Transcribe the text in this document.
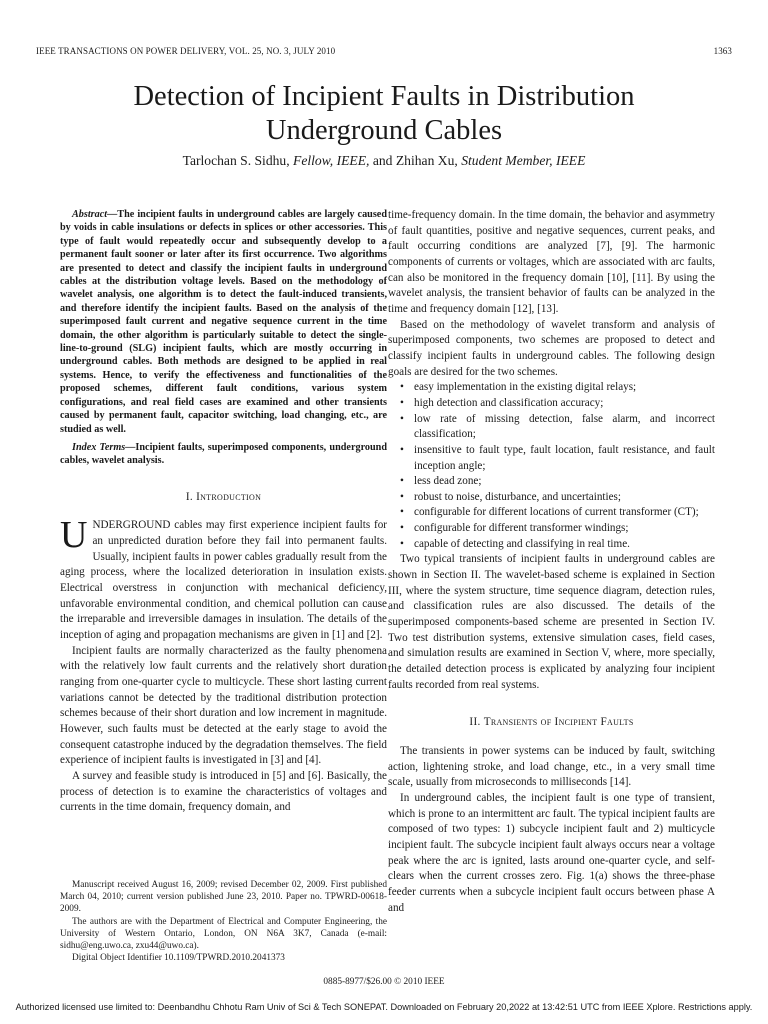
IEEE TRANSACTIONS ON POWER DELIVERY, VOL. 25, NO. 3, JULY 2010	1363
Detection of Incipient Faults in Distribution
Underground Cables
Tarlochan S. Sidhu, Fellow, IEEE, and Zhihan Xu, Student Member, IEEE

Abstract—The incipient faults in underground cables are largely caused by voids in cable insulations or defects in splices or other accessories. This type of fault would repeatedly occur and subsequently develop to a permanent fault sooner or later after its first occurrence. Two algorithms are presented to detect and classify the incipient faults in underground cables at the distribution voltage levels. Based on the methodology of wavelet analysis, one algorithm is to detect the fault-induced transients, and therefore identify the incipient faults. Based on the analysis of the superimposed fault current and negative sequence current in the time domain, the other algorithm is particularly suitable to detect the single-line-to-ground (SLG) incipient faults, which are mostly occurring in underground cables. Both methods are designed to be applied in real systems. Hence, to verify the effectiveness and functionalities of the proposed schemes, different fault conditions, various system configurations, and real field cases are examined and other transients caused by permanent fault, capacitor switching, load changing, etc., are studied as well.

Index Terms—Incipient faults, superimposed components, underground cables, wavelet analysis.

I. Introduction

UNDERGROUND cables may first experience incipient faults for an unpredicted duration before they fail into permanent faults. Usually, incipient faults in power cables gradually result from the aging process, where the localized deterioration in insulation exists. Electrical overstress in conjunction with mechanical deficiency, unfavorable environmental condition, and chemical pollution can cause the irreparable and irreversible damages in insulation. The details of the inception of aging and propagation mechanisms are given in [1] and [2].

Incipient faults are normally characterized as the faulty phenomena with the relatively low fault currents and the relatively short duration ranging from one-quarter cycle to multicycle. These short lasting current variations cannot be detected by the traditional distribution protection schemes because of their short duration and low increment in magnitude. However, such faults must be detected at the early stage to avoid the consequent catastrophe induced by the degradation themselves. The field experience of incipient faults is investigated in [3] and [4].

A survey and feasible study is introduced in [5] and [6]. Basically, the process of detection is to examine the characteristics of voltages and currents in the time domain, frequency domain, and

Manuscript received August 16, 2009; revised December 02, 2009. First published March 04, 2010; current version published June 23, 2010. Paper no. TPWRD-00618-2009.

The authors are with the Department of Electrical and Computer Engineering, the University of Western Ontario, London, ON N6A 3K7, Canada (e-mail: sidhu@eng.uwo.ca, zxu44@uwo.ca).

Digital Object Identifier 10.1109/TPWRD.2010.2041373

time-frequency domain. In the time domain, the behavior and asymmetry of fault quantities, positive and negative sequences, current peaks, and fault occurring conditions are analyzed [7], [9]. The harmonic components of currents or voltages, which are associated with arc faults, can also be monitored in the frequency domain [10], [11]. By using the wavelet analysis, the transient behavior of faults can be analyzed in the time and frequency domain [12], [13].

Based on the methodology of wavelet transform and analysis of superimposed components, two schemes are proposed to detect and classify incipient faults in underground cables. The following design goals are desired for the two schemes.

• easy implementation in the existing digital relays;
• high detection and classification accuracy;
• low rate of missing detection, false alarm, and incorrect classification;
• insensitive to fault type, fault location, fault resistance, and fault inception angle;
• less dead zone;
• robust to noise, disturbance, and uncertainties;
• configurable for different locations of current transformer (CT);
• configurable for different transformer windings;
• capable of detecting and classifying in real time.

Two typical transients of incipient faults in underground cables are shown in Section II. The wavelet-based scheme is explained in Section III, where the system structure, time sequence diagram, detection rules, and classification rules are also discussed. The details of the superimposed components-based scheme are presented in Section IV. Two test distribution systems, extensive simulation cases, field cases, and simulation results are examined in Section V, where, more specially, the detailed detection process is explicated by analyzing four incipient faults recorded from real systems.

II. Transients of Incipient Faults

The transients in power systems can be induced by fault, switching action, lightening stroke, and load change, etc., in a very small time scale, usually from microseconds to milliseconds [14].

In underground cables, the incipient fault is one type of transient, which is prone to an intermittent arc fault. The typical incipient faults are composed of two types: 1) subcycle incipient fault and 2) multicycle incipient fault. The subcycle incipient fault always occurs near a voltage peak where the arc is ignited, lasts around one-quarter cycle, and self-clears when the current crosses zero. Fig. 1(a) shows the three-phase feeder currents when a subcycle incipient fault occurs between phase A and

0885-8977/$26.00 © 2010 IEEE
Authorized licensed use limited to: Deenbandhu Chhotu Ram Univ of Sci & Tech SONEPAT. Downloaded on February 20,2022 at 13:42:51 UTC from IEEE Xplore. Restrictions apply.
